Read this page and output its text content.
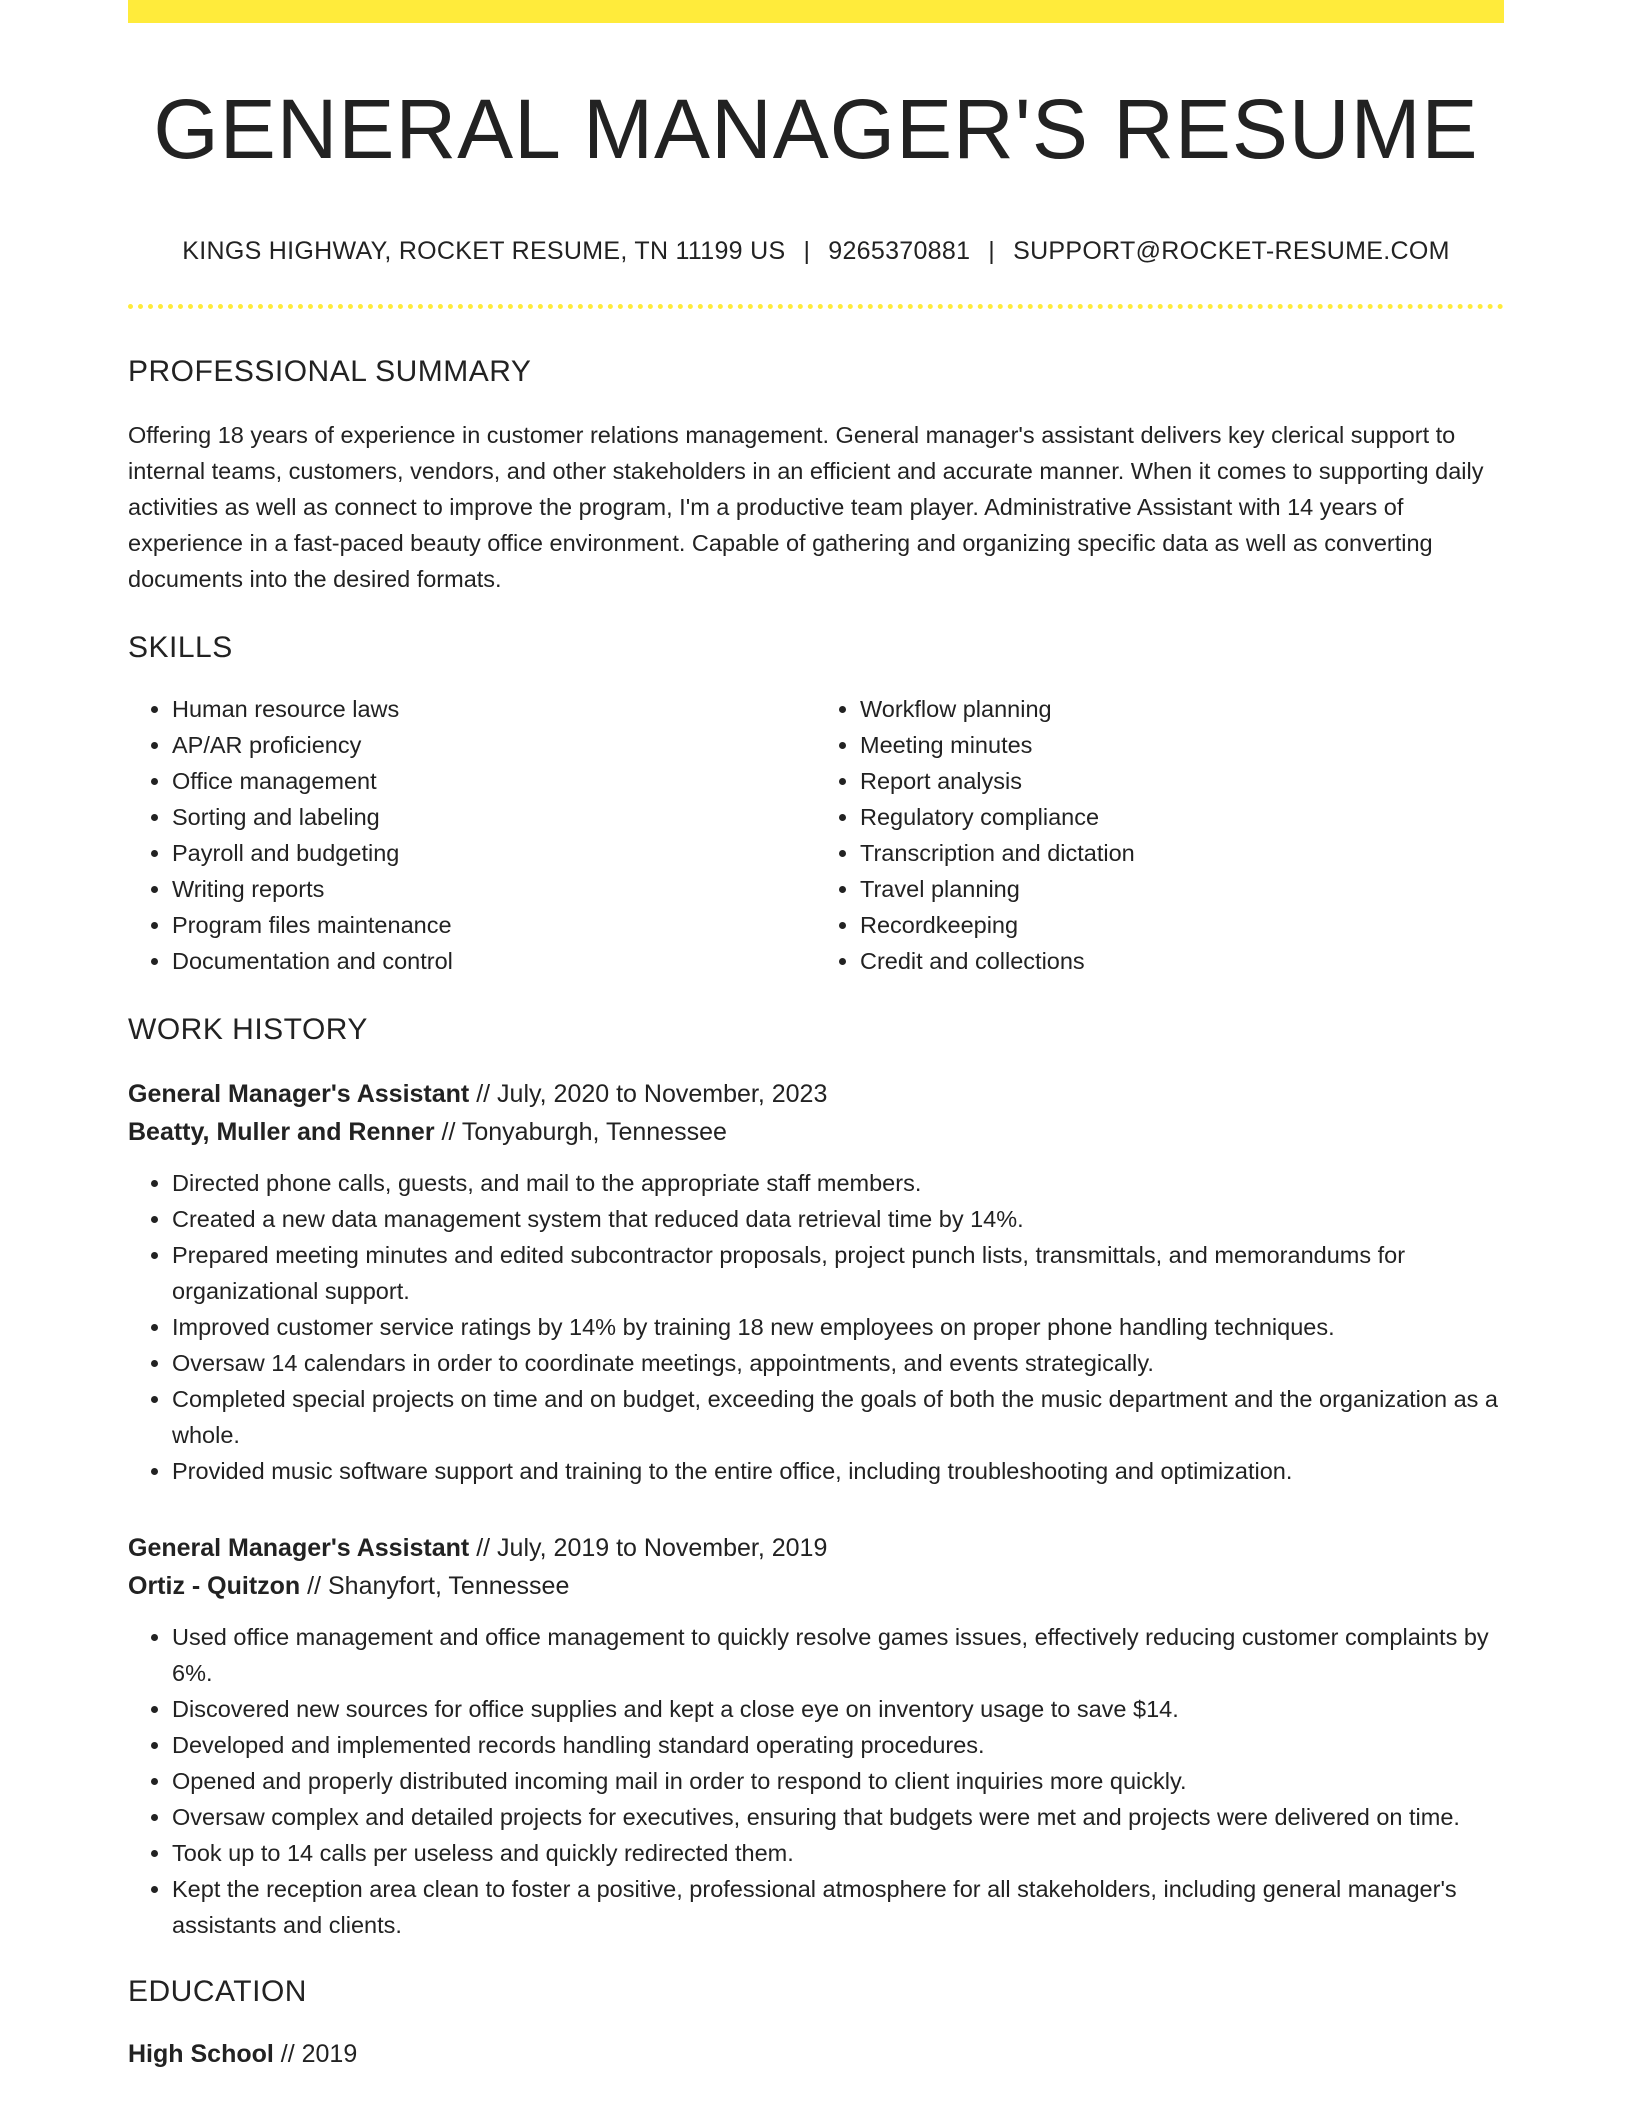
GENERAL MANAGER'S RESUME
KINGS HIGHWAY, ROCKET RESUME, TN 11199 US | 9265370881 | SUPPORT@ROCKET-RESUME.COM
PROFESSIONAL SUMMARY
Offering 18 years of experience in customer relations management. General manager's assistant delivers key clerical support to internal teams, customers, vendors, and other stakeholders in an efficient and accurate manner. When it comes to supporting daily activities as well as connect to improve the program, I'm a productive team player. Administrative Assistant with 14 years of experience in a fast-paced beauty office environment. Capable of gathering and organizing specific data as well as converting documents into the desired formats.
SKILLS
• Human resource laws
• AP/AR proficiency
• Office management
• Sorting and labeling
• Payroll and budgeting
• Writing reports
• Program files maintenance
• Documentation and control
• Workflow planning
• Meeting minutes
• Report analysis
• Regulatory compliance
• Transcription and dictation
• Travel planning
• Recordkeeping
• Credit and collections
WORK HISTORY
General Manager's Assistant // July, 2020 to November, 2023
Beatty, Muller and Renner // Tonyaburgh, Tennessee
• Directed phone calls, guests, and mail to the appropriate staff members.
• Created a new data management system that reduced data retrieval time by 14%.
• Prepared meeting minutes and edited subcontractor proposals, project punch lists, transmittals, and memorandums for organizational support.
• Improved customer service ratings by 14% by training 18 new employees on proper phone handling techniques.
• Oversaw 14 calendars in order to coordinate meetings, appointments, and events strategically.
• Completed special projects on time and on budget, exceeding the goals of both the music department and the organization as a whole.
• Provided music software support and training to the entire office, including troubleshooting and optimization.
General Manager's Assistant // July, 2019 to November, 2019
Ortiz - Quitzon // Shanyfort, Tennessee
• Used office management and office management to quickly resolve games issues, effectively reducing customer complaints by 6%.
• Discovered new sources for office supplies and kept a close eye on inventory usage to save $14.
• Developed and implemented records handling standard operating procedures.
• Opened and properly distributed incoming mail in order to respond to client inquiries more quickly.
• Oversaw complex and detailed projects for executives, ensuring that budgets were met and projects were delivered on time.
• Took up to 14 calls per useless and quickly redirected them.
• Kept the reception area clean to foster a positive, professional atmosphere for all stakeholders, including general manager's assistants and clients.
EDUCATION
High School // 2019
